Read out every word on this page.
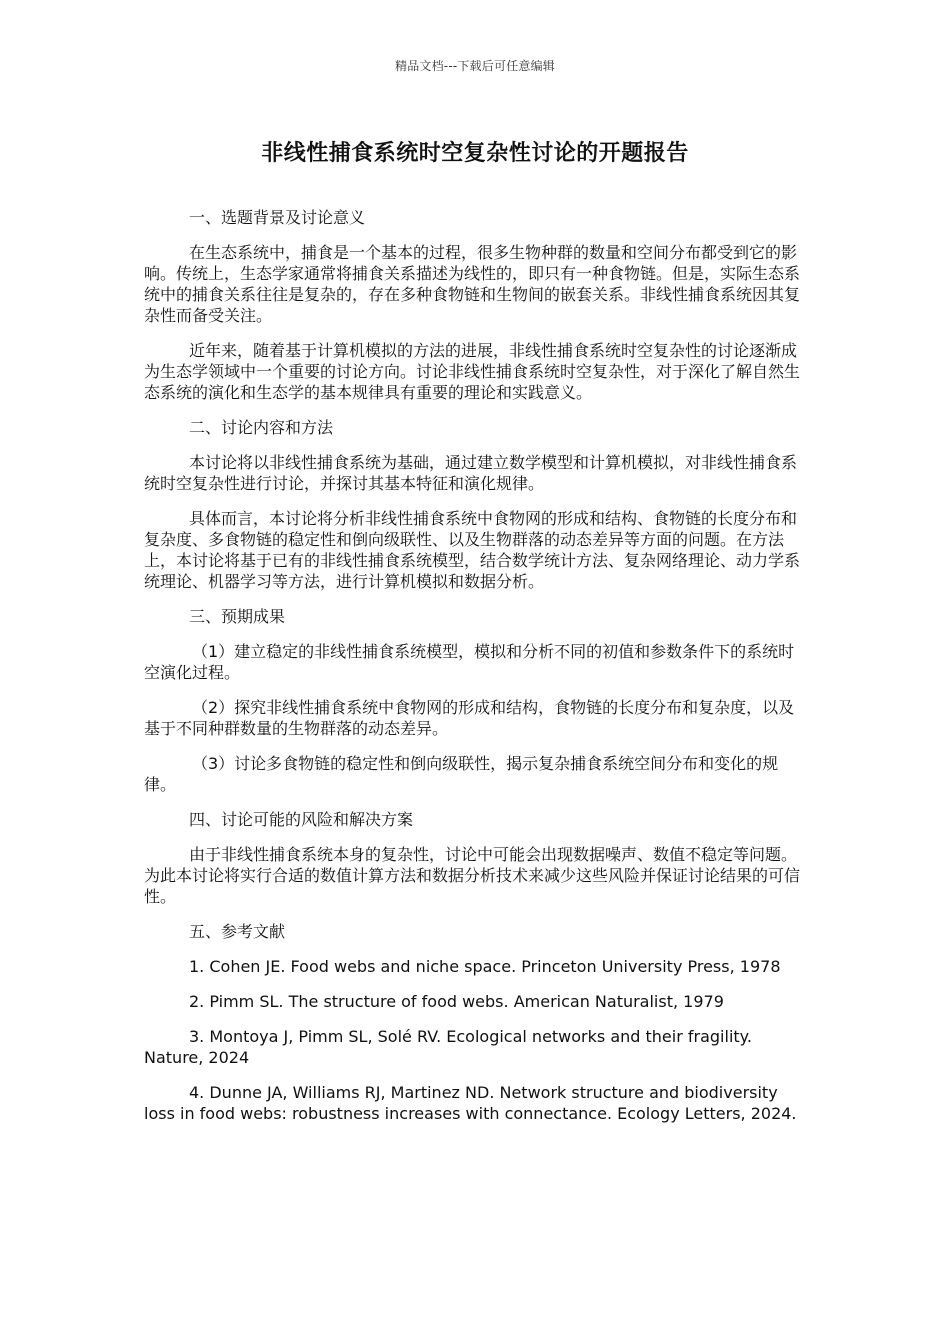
精品文档---下载后可任意编辑
非线性捕食系统时空复杂性讨论的开题报告

一、选题背景及讨论意义

在生态系统中，捕食是一个基本的过程，很多生物种群的数量和空间分布都受到它的影响。传统上，生态学家通常将捕食关系描述为线性的，即只有一种食物链。但是，实际生态系统中的捕食关系往往是复杂的，存在多种食物链和生物间的嵌套关系。非线性捕食系统因其复杂性而备受关注。

近年来，随着基于计算机模拟的方法的进展，非线性捕食系统时空复杂性的讨论逐渐成为生态学领域中一个重要的讨论方向。讨论非线性捕食系统时空复杂性，对于深化了解自然生态系统的演化和生态学的基本规律具有重要的理论和实践意义。

二、讨论内容和方法

本讨论将以非线性捕食系统为基础，通过建立数学模型和计算机模拟，对非线性捕食系统时空复杂性进行讨论，并探讨其基本特征和演化规律。

具体而言，本讨论将分析非线性捕食系统中食物网的形成和结构、食物链的长度分布和复杂度、多食物链的稳定性和倒向级联性、以及生物群落的动态差异等方面的问题。在方法上，本讨论将基于已有的非线性捕食系统模型，结合数学统计方法、复杂网络理论、动力学系统理论、机器学习等方法，进行计算机模拟和数据分析。

三、预期成果

（1）建立稳定的非线性捕食系统模型，模拟和分析不同的初值和参数条件下的系统时空演化过程。

（2）探究非线性捕食系统中食物网的形成和结构，食物链的长度分布和复杂度，以及基于不同种群数量的生物群落的动态差异。

（3）讨论多食物链的稳定性和倒向级联性，揭示复杂捕食系统空间分布和变化的规律。

四、讨论可能的风险和解决方案

由于非线性捕食系统本身的复杂性，讨论中可能会出现数据噪声、数值不稳定等问题。为此本讨论将实行合适的数值计算方法和数据分析技术来减少这些风险并保证讨论结果的可信性。

五、参考文献

1. Cohen JE. Food webs and niche space. Princeton University Press, 1978

2. Pimm SL. The structure of food webs. American Naturalist, 1979

3. Montoya J, Pimm SL, Solé RV. Ecological networks and their fragility. Nature, 2024

4. Dunne JA, Williams RJ, Martinez ND. Network structure and biodiversity loss in food webs: robustness increases with connectance. Ecology Letters, 2024.
